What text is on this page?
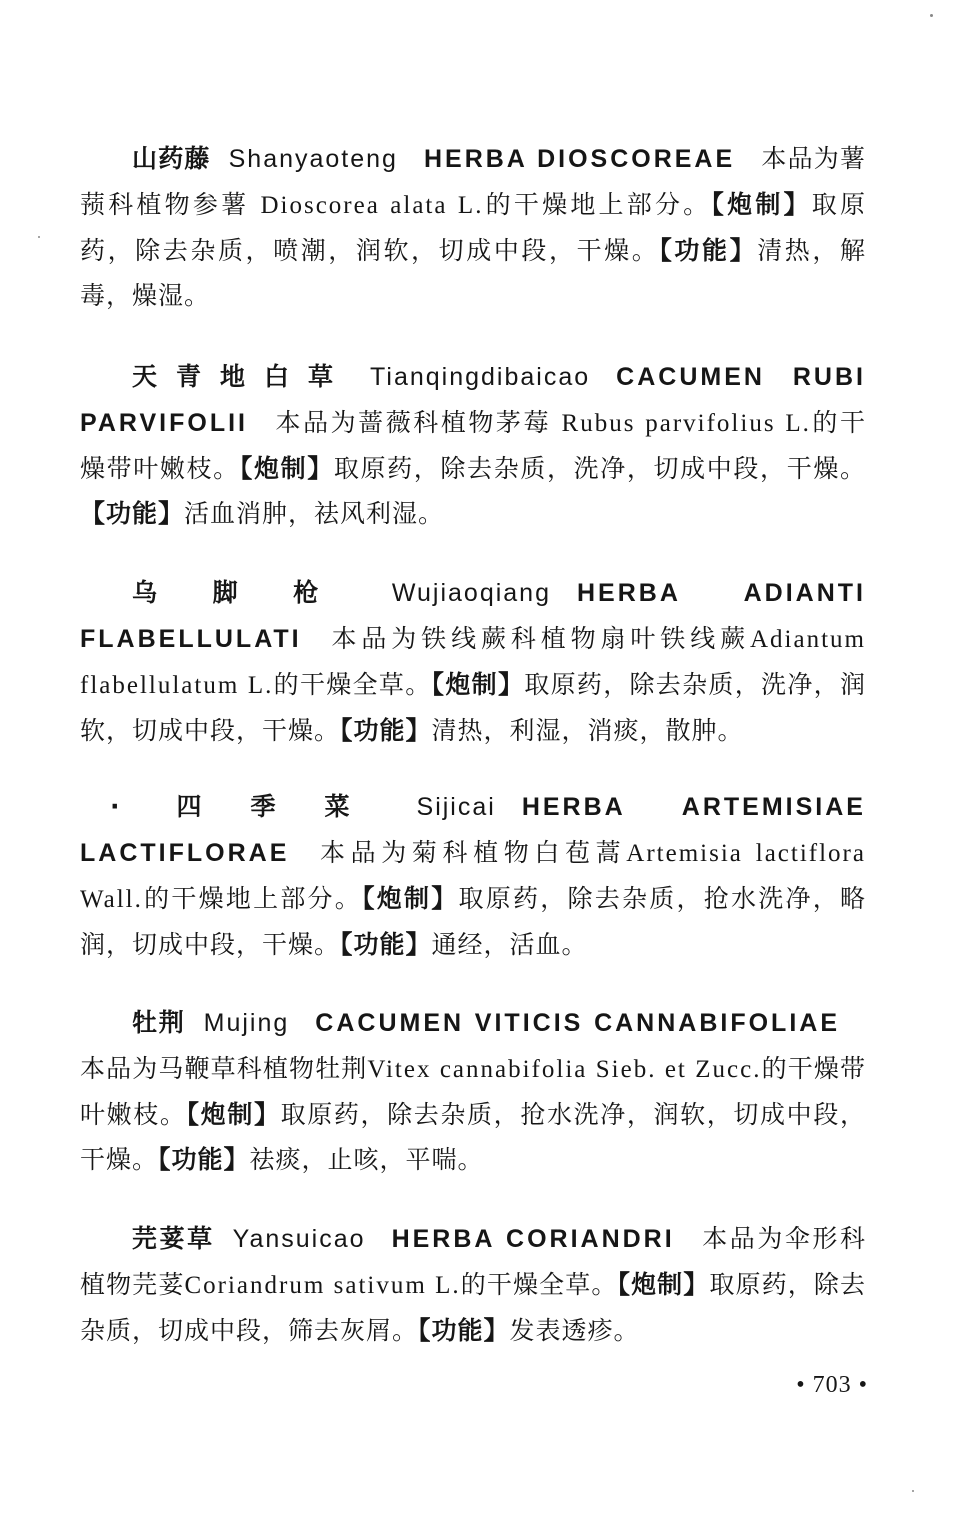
山药藤 Shanyaoteng HERBA DIOSCOREAE 本品为薯蓣科植物参薯 Dioscorea alata L.的干燥地上部分。【炮制】取原药，除去杂质，喷潮，润软，切成中段，干燥。【功能】清热，解毒，燥湿。
天青地白草 Tianqingdibaicao CACUMEN RUBI PARVIFOLII 本品为蔷薇科植物茅莓 Rubus parvifolius L.的干燥带叶嫩枝。【炮制】取原药，除去杂质，洗净，切成中段，干燥。【功能】活血消肿，祛风利湿。
乌脚枪 Wujiaoqiang HERBA ADIANTI FLABELLULATI 本品为铁线蕨科植物扇叶铁线蕨Adiantum flabellulatum L.的干燥全草。【炮制】取原药，除去杂质，洗净，润软，切成中段，干燥。【功能】清热，利湿，消痰，散肿。
· 四季菜 Sijicai HERBA ARTEMISIAE LACTIFLORAE 本品为菊科植物白苞蒿Artemisia lactiflora Wall.的干燥地上部分。【炮制】取原药，除去杂质，抢水洗净，略润，切成中段，干燥。【功能】通经，活血。
牡荆 Mujing CACUMEN VITICIS CANNABIFOLIAE本品为马鞭草科植物牡荆Vitex cannabifolia Sieb. et Zucc.的干燥带叶嫩枝。【炮制】取原药，除去杂质，抢水洗净，润软，切成中段，干燥。【功能】祛痰，止咳，平喘。
芫荽草 Yansuicao HERBA CORIANDRI 本品为伞形科植物芫荽Coriandrum sativum L.的干燥全草。【炮制】取原药，除去杂质，切成中段，筛去灰屑。【功能】发表透疹。
• 703 •
